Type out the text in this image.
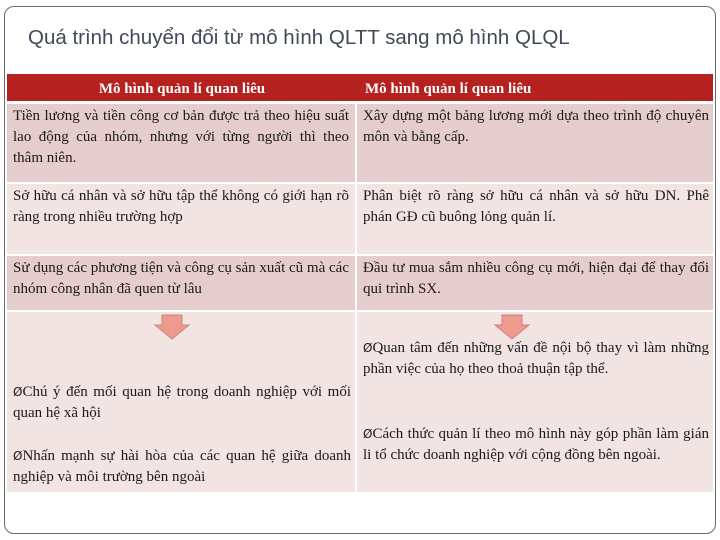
Quá trình chuyển đổi từ mô hình QLTT sang mô hình QLQL
Mô hình quản lí quan liêu	Mô hình quản lí quan liêu
Tiền lương và tiền công cơ bản được trả theo hiệu suất lao động của nhóm, nhưng với từng người thì theo thâm niên.
Xây dựng một bảng lương mới dựa theo trình độ chuyên môn và bằng cấp.
Sở hữu cá nhân và sở hữu tập thể không có giới hạn rõ ràng trong nhiều trường hợp
Phân biệt rõ ràng sở hữu cá nhân và sở hữu DN. Phê phán GĐ cũ buông lỏng quản lí.
Sử dụng các phương tiện và công cụ sản xuất cũ mà các nhóm công nhân đã quen từ lâu
Đầu tư mua sắm nhiều công cụ mới, hiện đại để thay đổi qui trình SX.
ØChú ý đến mối quan hệ trong doanh nghiệp với mối quan hệ xã hội
ØNhấn mạnh sự hài hòa của các quan hệ giữa doanh nghiệp và môi trường bên ngoài
ØQuan tâm đến những vấn đề nội bộ thay vì làm những phần việc của họ theo thoả thuận tập thể.
ØCách thức quản lí theo mô hình này góp phần làm gián li tổ chức doanh nghiệp với cộng đồng bên ngoài.
